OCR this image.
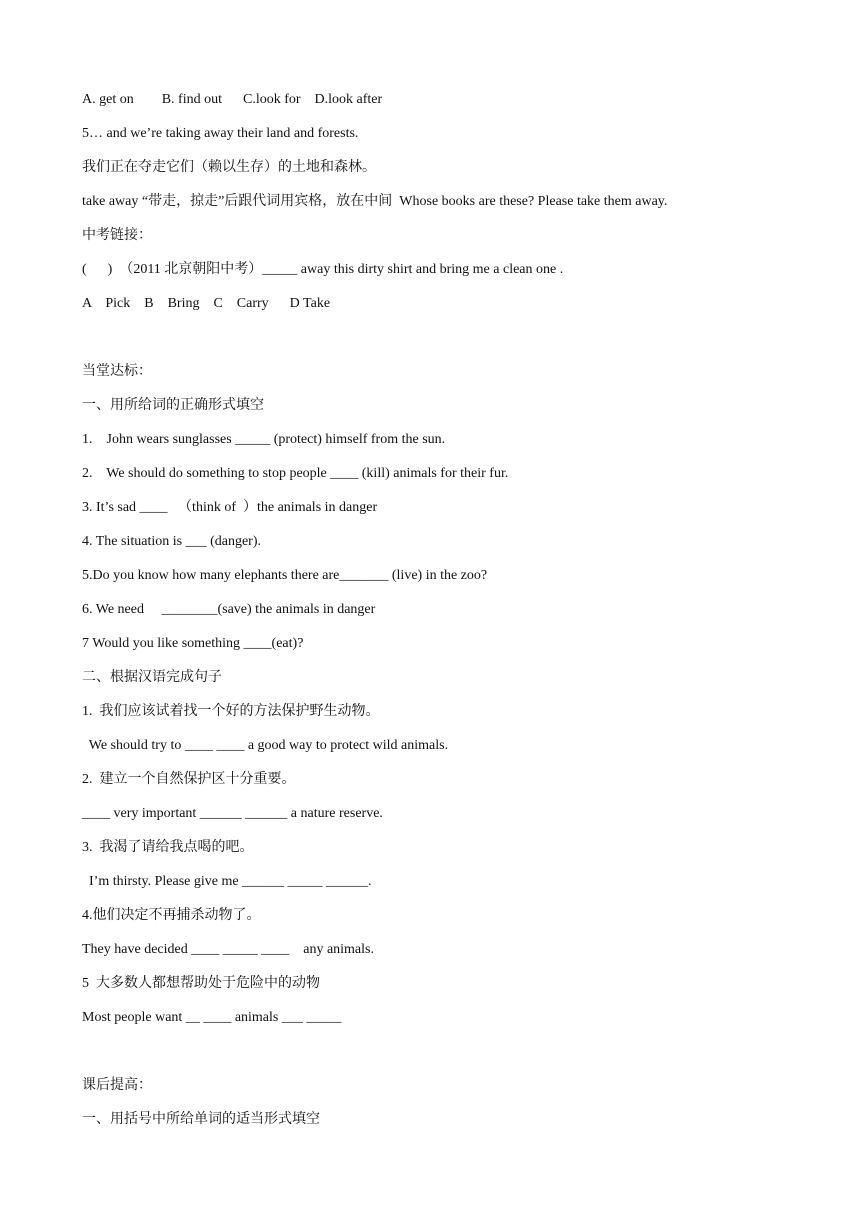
A. get on        B. find out      C.look for    D.look after
5… and we’re taking away their land and forests.
我们正在夺走它们（赖以生存）的土地和森林。
take away “带走，掠走”后跟代词用宾格，放在中间  Whose books are these? Please take them away.
中考链接：
(      )  （2011 北京朝阳中考）_____ away this dirty shirt and bring me a clean one .
A    Pick    B    Bring    C    Carry      D Take
当堂达标：
一、用所给词的正确形式填空
1.    John wears sunglasses _____ (protect) himself from the sun.
2.    We should do something to stop people ____ (kill) animals for their fur.
3. It’s sad ____   （think of  ）the animals in danger
4. The situation is ___ (danger).
5.Do you know how many elephants there are_______ (live) in the zoo?
6. We need     ________(save) the animals in danger
7 Would you like something ____(eat)?
二、根据汉语完成句子
1.  我们应该试着找一个好的方法保护野生动物。
We should try to ____ ____ a good way to protect wild animals.
2.  建立一个自然保护区十分重要。
____ very important ______ ______ a nature reserve.
3.  我渴了请给我点喝的吧。
I’m thirsty. Please give me ______ _____ ______.
4.他们决定不再捕杀动物了。
They have decided ____ _____ ____    any animals.
5  大多数人都想帮助处于危险中的动物
Most people want __ ____ animals ___ _____
课后提高：
一、用括号中所给单词的适当形式填空
